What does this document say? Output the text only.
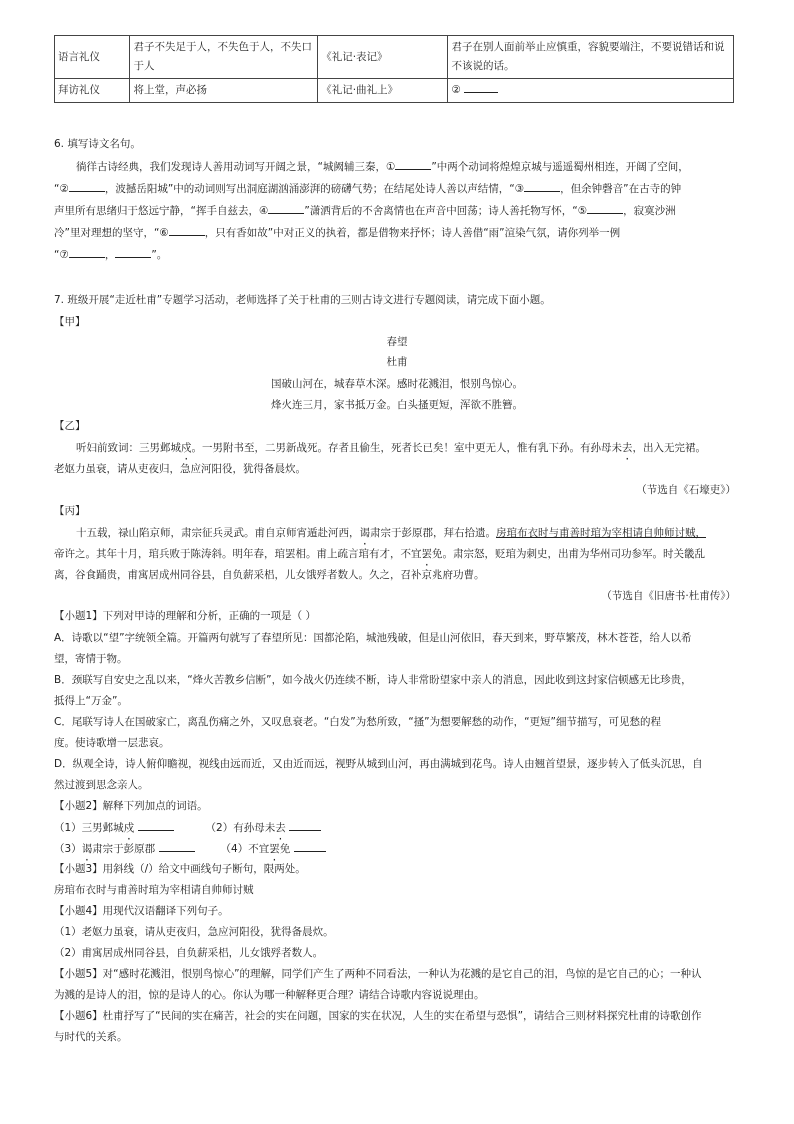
语言礼仪	君子不失足于人，不失色于人，不失口于人	《礼记·表记》	君子在别人面前举止应慎重，容貌要端注，不要说错话和说不该说的话。
拜访礼仪	将上堂，声必扬	《礼记·曲礼上》	②
6. 填写诗文名句。
徜徉古诗经典，我们发现诗人善用动词写开阔之景，“城阙辅三秦，①	”中两个动词将煌煌京城与遥遥蜀州相连，开阔了空间，
“②	，波撼岳阳城”中的动词则写出洞庭湖汹涌澎湃的磅礴气势；在结尾处诗人善以声结情，“③	，但余钟磬音”在古寺的钟
声里所有思绪归于悠远宁静，“挥手自兹去，④	”潇洒背后的不舍离情也在声音中回荡；诗人善托物写怀，“⑤	，寂寞沙洲
冷”里对理想的坚守，“⑥	，只有香如故”中对正义的执着，都是借物来抒怀；诗人善借“雨”渲染气氛，请你列举一例
“⑦	，	”。
7. 班级开展“走近杜甫”专题学习活动，老师选择了关于杜甫的三则古诗文进行专题阅读，请完成下面小题。
【甲】
春望
杜甫
国破山河在，城春草木深。感时花溅泪，恨别鸟惊心。
烽火连三月，家书抵万金。白头搔更短，浑欲不胜簪。
【乙】
听妇前致词：三男邺城戍。一男附书至，二男新战死。存者且偷生，死者长已矣！室中更无人，惟有乳下孙。有孙母未去，出入无完裙。
老妪力虽衰，请从吏夜归，急应河阳役，犹得备晨炊。
（节选自《石壕吏》）
【丙】
十五载，禄山陷京师，肃宗征兵灵武。甫自京师宵遁赴河西，谒肃宗于彭原郡，拜右拾遗。房琯布衣时与甫善时琯为宰相请自帅师讨贼，
帝许之。其年十月，琯兵败于陈涛斜。明年春，琯罢相。甫上疏言琯有才，不宜罢免。肃宗怒，贬琯为刺史，出甫为华州司功参军。时关畿乱
离，谷食踊贵，甫寓居成州同谷县，自负薪采梠，儿女饿殍者数人。久之，召补京兆府功曹。
（节选自《旧唐书·杜甫传》）
【小题1】下列对甲诗的理解和分析，正确的一项是（ ）
A．诗歌以“望”字统领全篇。开篇两句就写了春望所见：国都沦陷，城池残破，但是山河依旧，春天到来，野草繁茂，林木苍苍，给人以希
望，寄情于物。
B．颈联写自安史之乱以来，“烽火苦教乡信断”，如今战火仍连续不断，诗人非常盼望家中亲人的消息，因此收到这封家信顿感无比珍贵，
抵得上“万金”。
C．尾联写诗人在国破家亡，离乱伤痛之外，又叹息衰老。“白发”为愁所致，“搔”为想要解愁的动作，“更短”细节描写，可见愁的程
度。使诗歌增一层悲哀。
D．纵观全诗，诗人俯仰瞻视，视线由远而近，又由近而远，视野从城到山河，再由满城到花鸟。诗人由翘首望景，逐步转入了低头沉思，自
然过渡到思念亲人。
【小题2】解释下列加点的词语。
（1）三男邺城戍	（2）有孙母未去
（3）谒肃宗于彭原郡	（4）不宜罢免
【小题3】用斜线（/）给文中画线句子断句，限两处。
房琯布衣时与甫善时琯为宰相请自帅师讨贼
【小题4】用现代汉语翻译下列句子。
（1）老妪力虽衰，请从吏夜归，急应河阳役，犹得备晨炊。
（2）甫寓居成州同谷县，自负薪采梠，儿女饿殍者数人。
【小题5】对“感时花溅泪，恨别鸟惊心”的理解，同学们产生了两种不同看法，一种认为花溅的是它自己的泪，鸟惊的是它自己的心；一种认
为溅的是诗人的泪，惊的是诗人的心。你认为哪一种解释更合理？请结合诗歌内容说说理由。
【小题6】杜甫抒写了“民间的实在痛苦，社会的实在问题，国家的实在状况，人生的实在希望与恐惧”，请结合三则材料探究杜甫的诗歌创作
与时代的关系。
